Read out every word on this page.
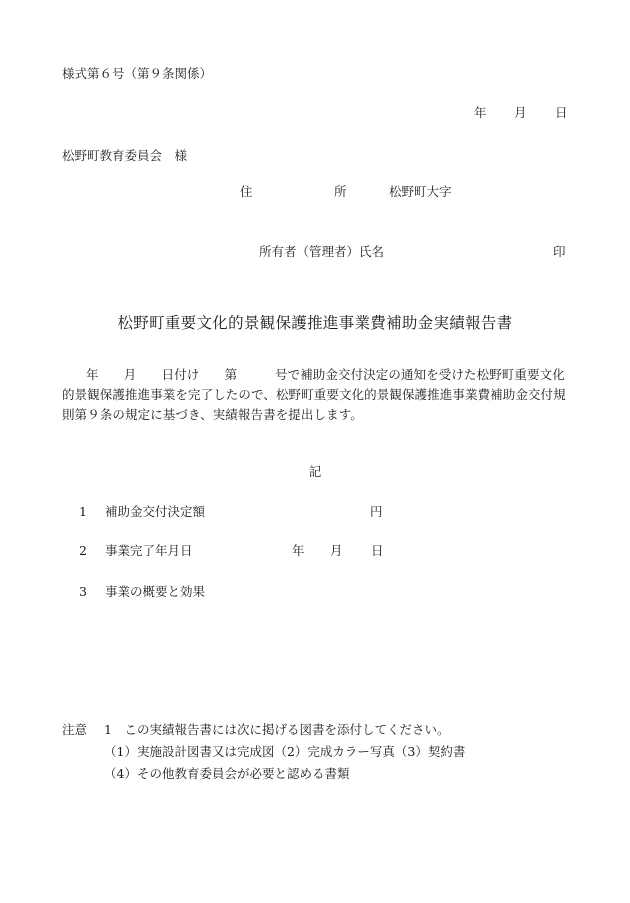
様式第６号（第９条関係）
年 月 日
松野町教育委員会　様
住	所	松野町大字
所有者（管理者）氏名	印
松野町重要文化的景観保護推進事業費補助金実績報告書
年　　月　　日付け　　第　　　号で補助金交付決定の通知を受けた松野町重要文化的景観保護推進事業を完了したので、松野町重要文化的景観保護推進事業費補助金交付規則第９条の規定に基づき、実績報告書を提出します。
記
1 補助金交付決定額	円
2 事業完了年月日	年 月 日
3 事業の概要と効果
注意 1　この実績報告書には次に掲げる図書を添付してください。
（1）実施設計図書又は完成図（2）完成カラー写真（3）契約書
（4）その他教育委員会が必要と認める書類
